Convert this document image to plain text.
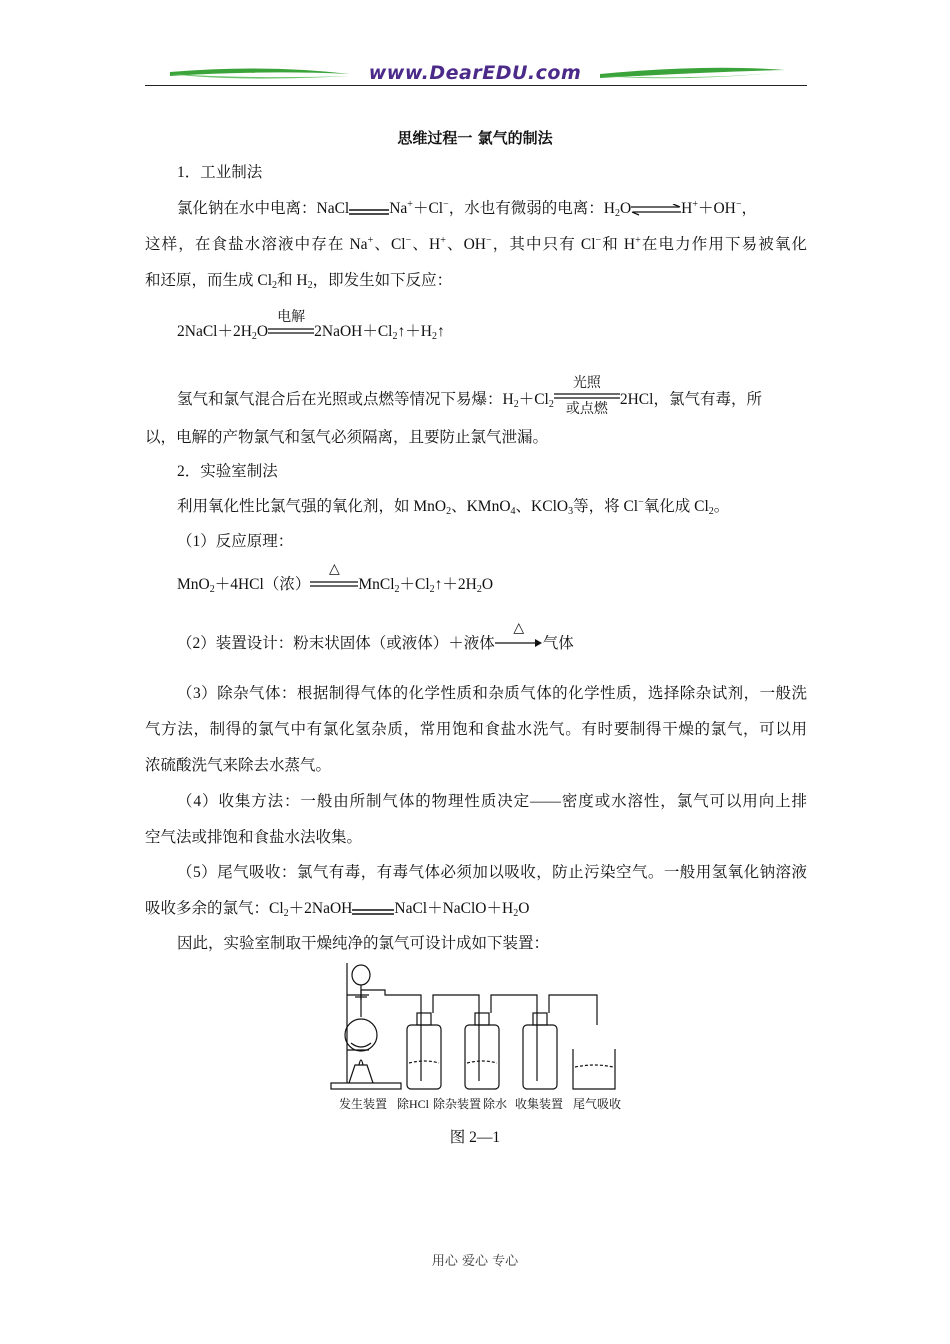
www.DearEDU.com
思维过程一 氯气的制法
1．工业制法
氯化钠在水中电离：NaCl	Na+＋Cl−，水也有微弱的电离：$H_2O\rightleftharpoons H^++OH^-$，
这样，在食盐水溶液中存在 Na+、Cl−、H+、OH−，其中只有 Cl−和 H+在电力作用下易被氧化
和还原，而生成 $Cl_2$和 $H_2$，即发生如下反应：
$2NaCl+2H_2O$
电解
$2NaOH+Cl_2↑+H_2↑$
氢气和氯气混合后在光照或点燃等情况下易爆：$H_2+Cl_2$
光照
或点燃
2HCl，氯气有毒，所
以，电解的产物氯气和氢气必须隔离，且要防止氯气泄漏。
2．实验室制法
利用氧化性比氯气强的氧化剂，如 MnO$_2$、KMnO$_4$、KClO$_3$等，将 Cl−氧化成 $Cl_2$。
（1）反应原理：
MnO$_2$＋4HCl（浓）
△
$MnCl_2+Cl_2↑+2H_2O$
（2）装置设计：粉末状固体（或液体）＋液体
△
气体
（3）除杂气体：根据制得气体的化学性质和杂质气体的化学性质，选择除杂试剂，一般洗
气方法，制得的氯气中有氯化氢杂质，常用饱和食盐水洗气。有时要制得干燥的氯气，可以用
浓硫酸洗气来除去水蒸气。
（4）收集方法：一般由所制气体的物理性质决定——密度或水溶性，氯气可以用向上排
空气法或排饱和食盐水法收集。
（5）尾气吸收：氯气有毒，有毒气体必须加以吸收，防止污染空气。一般用氢氧化钠溶液
吸收多余的氯气：$Cl_2+2NaOH$	$NaCl+NaClO+H_2O$
因此，实验室制取干燥纯净的氯气可设计成如下装置：
发生装置 除HCl 除杂装置 除水 收集装置 尾气吸收
图 2—1
用心 爱心 专心
